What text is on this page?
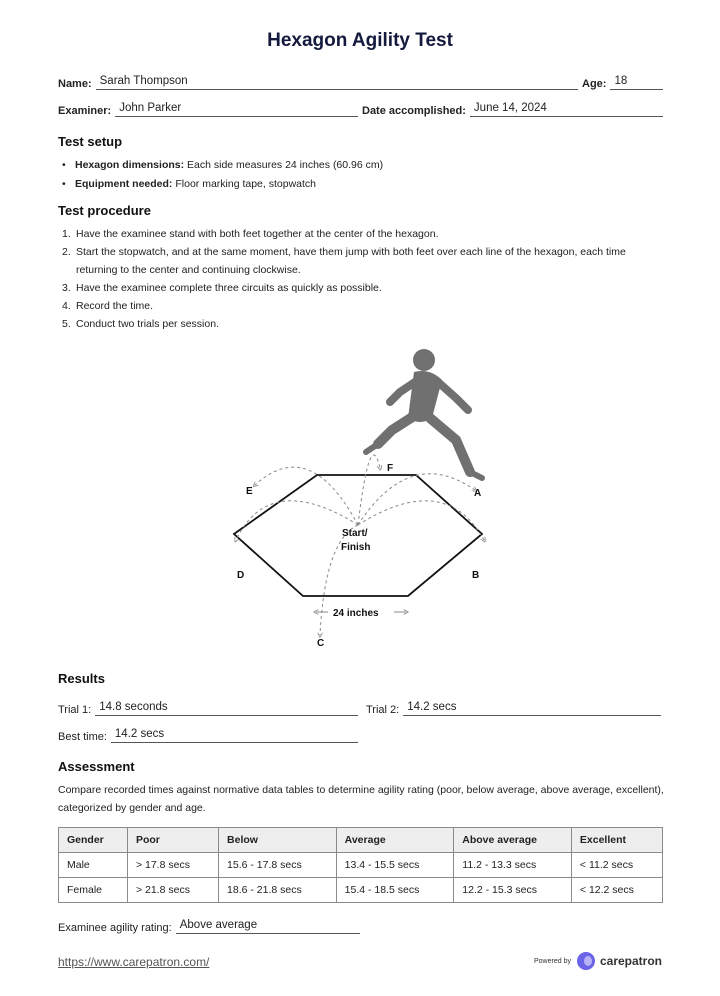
Hexagon Agility Test
Name: Sarah Thompson	Age: 18
Examiner: John Parker	Date accomplished: June 14, 2024
Test setup
• Hexagon dimensions: Each side measures 24 inches (60.96 cm)
• Equipment needed: Floor marking tape, stopwatch
Test procedure
1. Have the examinee stand with both feet together at the center of the hexagon.
2. Start the stopwatch, and at the same moment, have them jump with both feet over each line of the hexagon, each time returning to the center and continuing clockwise.
3. Have the examinee complete three circuits as quickly as possible.
4. Record the time.
5. Conduct two trials per session.
A
B
C
D
E
F
Start/
Finish
24 inches
Results
Trial 1: 14.8 seconds	Trial 2: 14.2 secs
Best time: 14.2 secs
Assessment

Compare recorded times against normative data tables to determine agility rating (poor, below average, above average, excellent), categorized by gender and age.

Gender	Poor	Below	Average	Above average	Excellent
Male	> 17.8 secs	15.6 - 17.8 secs	13.4 - 15.5 secs	11.2 - 13.3 secs	< 11.2 secs
Female	> 21.8 secs	18.6 - 21.8 secs	15.4 - 18.5 secs	12.2 - 15.3 secs	< 12.2 secs
Examinee agility rating: Above average
https://www.carepatron.com/	Powered by carepatron
